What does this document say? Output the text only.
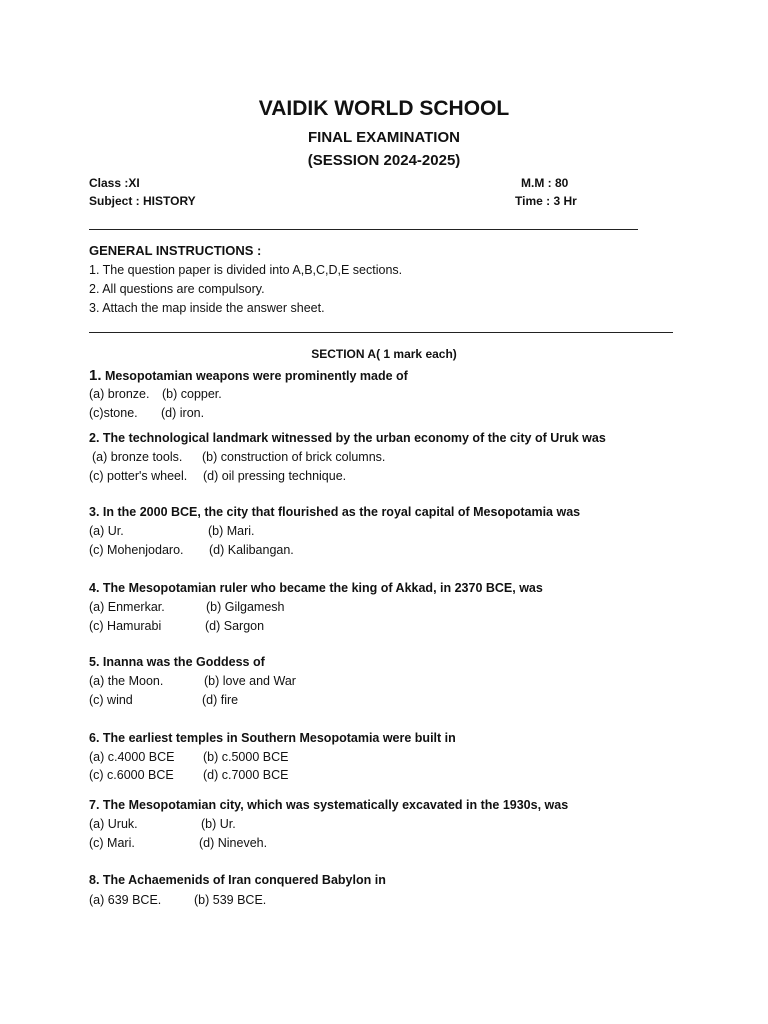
VAIDIK WORLD SCHOOL
FINAL EXAMINATION
(SESSION 2024-2025)
Class :XI	M.M : 80
Subject : HISTORY	Time : 3 Hr
GENERAL INSTRUCTIONS :
1. The question paper is divided into A,B,C,D,E sections.
2. All questions are compulsory.
3. Attach the map inside the answer sheet.
SECTION A( 1 mark each)
1. Mesopotamian weapons were prominently made of
(a) bronze. (b) copper.
(c)stone. (d) iron.
2. The technological landmark witnessed by the urban economy of the city of Uruk was
(a) bronze tools. (b) construction of brick columns.
(c) potter's wheel. (d) oil pressing technique.
3. In the 2000 BCE, the city that flourished as the royal capital of Mesopotamia was
(a) Ur.	(b) Mari.
(c) Mohenjodaro. (d) Kalibangan.
4. The Mesopotamian ruler who became the king of Akkad, in 2370 BCE, was
(a) Enmerkar.	(b) Gilgamesh
(c) Hamurabi	(d) Sargon
5. Inanna was the Goddess of
(a) the Moon.	(b) love and War
(c) wind	(d) fire
6. The earliest temples in Southern Mesopotamia were built in
(a) c.4000 BCE (b) c.5000 BCE
(c) c.6000 BCE (d) c.7000 BCE
7. The Mesopotamian city, which was systematically excavated in the 1930s, was
(a) Uruk.	(b) Ur.
(c) Mari.	(d) Nineveh.
8. The Achaemenids of Iran conquered Babylon in
(a) 639 BCE.	(b) 539 BCE.
